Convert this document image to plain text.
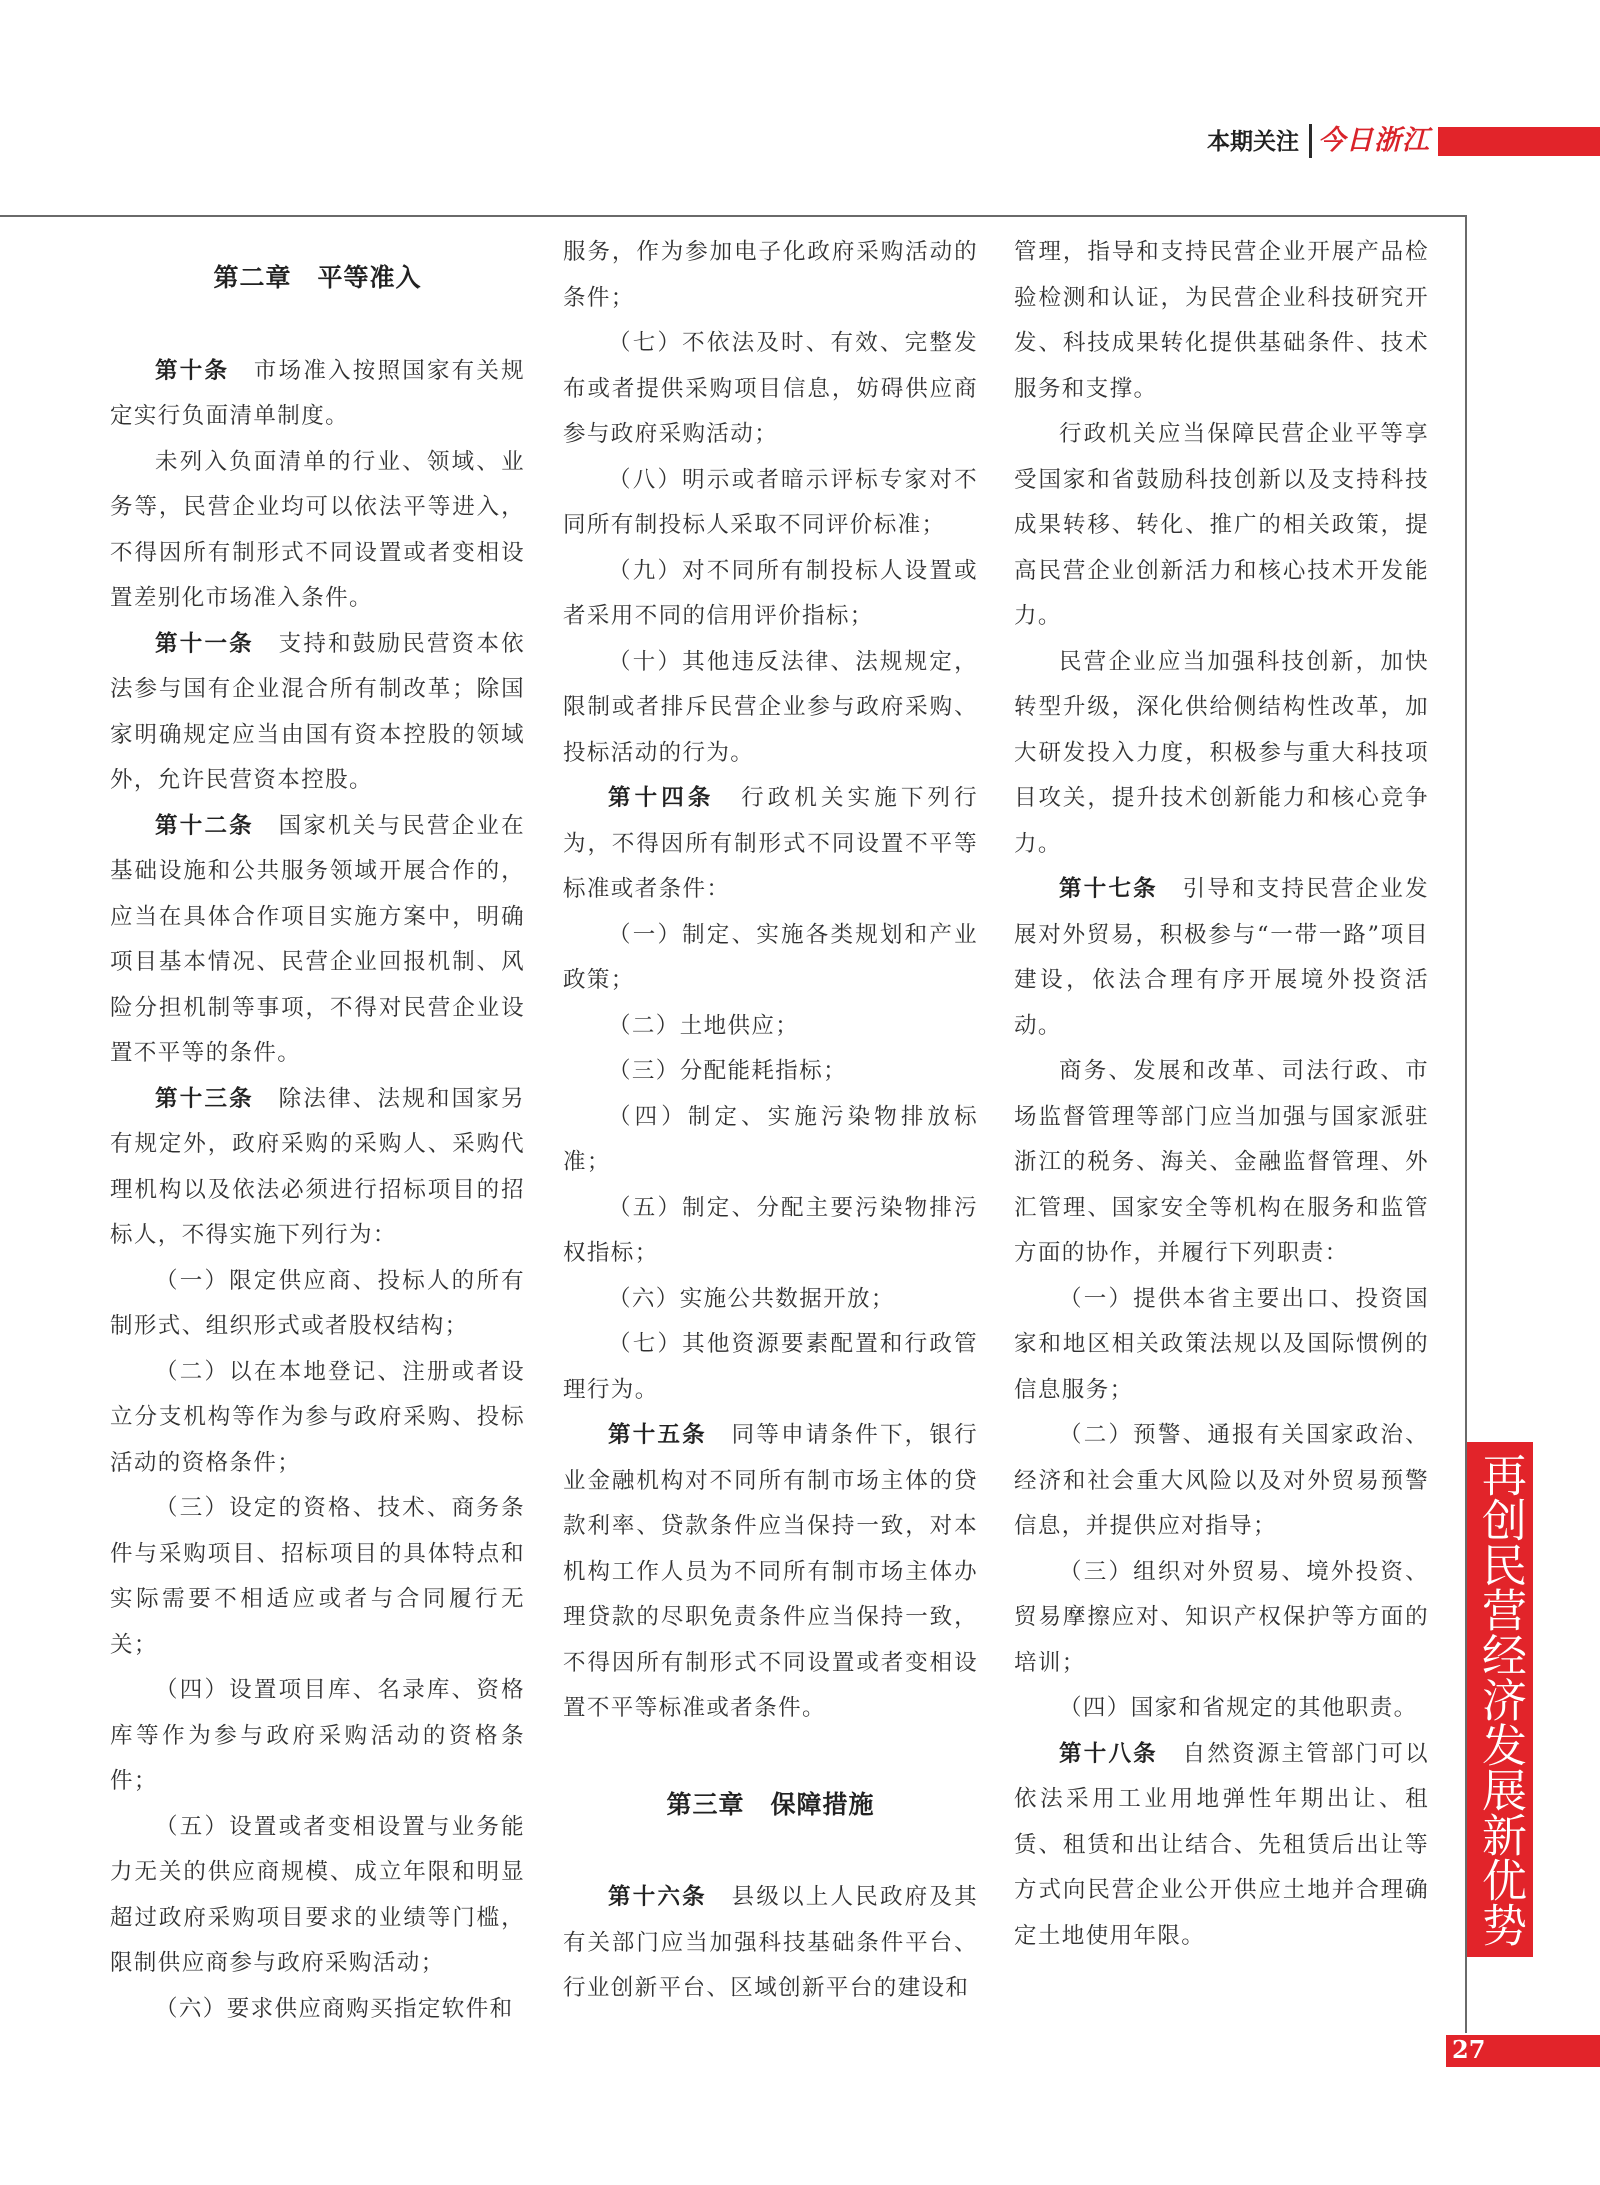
本期关注 今日浙江
第二章　平等准入

第十条　 市场准入按照国家有关规定实行负面清单制度。

未列入负面清单的行业、领域、业务等，民营企业均可以依法平等进入，不得因所有制形式不同设置或者变相设置差别化市场准入条件。

第十一条　 支持和鼓励民营资本依法参与国有企业混合所有制改革；除国家明确规定应当由国有资本控股的领域外，允许民营资本控股。

第十二条　 国家机关与民营企业在基础设施和公共服务领域开展合作的，应当在具体合作项目实施方案中，明确项目基本情况、民营企业回报机制、风险分担机制等事项，不得对民营企业设置不平等的条件。

第十三条　 除法律、法规和国家另有规定外，政府采购的采购人、采购代理机构以及依法必须进行招标项目的招标人，不得实施下列行为：

（一）限定供应商、投标人的所有制形式、组织形式或者股权结构；

（二）以在本地登记、注册或者设立分支机构等作为参与政府采购、投标活动的资格条件；

（三）设定的资格、技术、商务条件与采购项目、招标项目的具体特点和实际需要不相适应或者与合同履行无关；

（四）设置项目库、名录库、资格库等作为参与政府采购活动的资格条件；

（五）设置或者变相设置与业务能力无关的供应商规模、成立年限和明显超过政府采购项目要求的业绩等门槛，限制供应商参与政府采购活动；

（六）要求供应商购买指定软件和

服务，作为参加电子化政府采购活动的条件；

（七）不依法及时、有效、完整发布或者提供采购项目信息，妨碍供应商参与政府采购活动；

（八）明示或者暗示评标专家对不同所有制投标人采取不同评价标准；

（九）对不同所有制投标人设置或者采用不同的信用评价指标；

（十）其他违反法律、法规规定，限制或者排斥民营企业参与政府采购、投标活动的行为。

第十四条　 行政机关实施下列行为，不得因所有制形式不同设置不平等标准或者条件：

（一）制定、实施各类规划和产业政策；

（二）土地供应；

（三）分配能耗指标；

（四）制定、实施污染物排放标准；

（五）制定、分配主要污染物排污权指标；

（六）实施公共数据开放；

（七）其他资源要素配置和行政管理行为。

第十五条　 同等申请条件下，银行业金融机构对不同所有制市场主体的贷款利率、贷款条件应当保持一致，对本机构工作人员为不同所有制市场主体办理贷款的尽职免责条件应当保持一致，不得因所有制形式不同设置或者变相设置不平等标准或者条件。

第三章　保障措施

第十六条　 县级以上人民政府及其有关部门应当加强科技基础条件平台、行业创新平台、区域创新平台的建设和

管理，指导和支持民营企业开展产品检验检测和认证，为民营企业科技研究开发、科技成果转化提供基础条件、技术服务和支撑。

行政机关应当保障民营企业平等享受国家和省鼓励科技创新以及支持科技成果转移、转化、推广的相关政策，提高民营企业创新活力和核心技术开发能力。

民营企业应当加强科技创新，加快转型升级，深化供给侧结构性改革，加大研发投入力度，积极参与重大科技项目攻关，提升技术创新能力和核心竞争力。

第十七条　 引导和支持民营企业发展对外贸易，积极参与“一带一路”项目建设，依法合理有序开展境外投资活动。

商务、发展和改革、司法行政、市场监督管理等部门应当加强与国家派驻浙江的税务、海关、金融监督管理、外汇管理、国家安全等机构在服务和监管方面的协作，并履行下列职责：

（一）提供本省主要出口、投资国家和地区相关政策法规以及国际惯例的信息服务；

（二）预警、通报有关国家政治、经济和社会重大风险以及对外贸易预警信息，并提供应对指导；

（三）组织对外贸易、境外投资、贸易摩擦应对、知识产权保护等方面的培训；

（四）国家和省规定的其他职责。

第十八条　 自然资源主管部门可以依法采用工业用地弹性年期出让、租赁、租赁和出让结合、先租赁后出让等方式向民营企业公开供应土地并合理确定土地使用年限。	再创民营经济发展新优势
27
